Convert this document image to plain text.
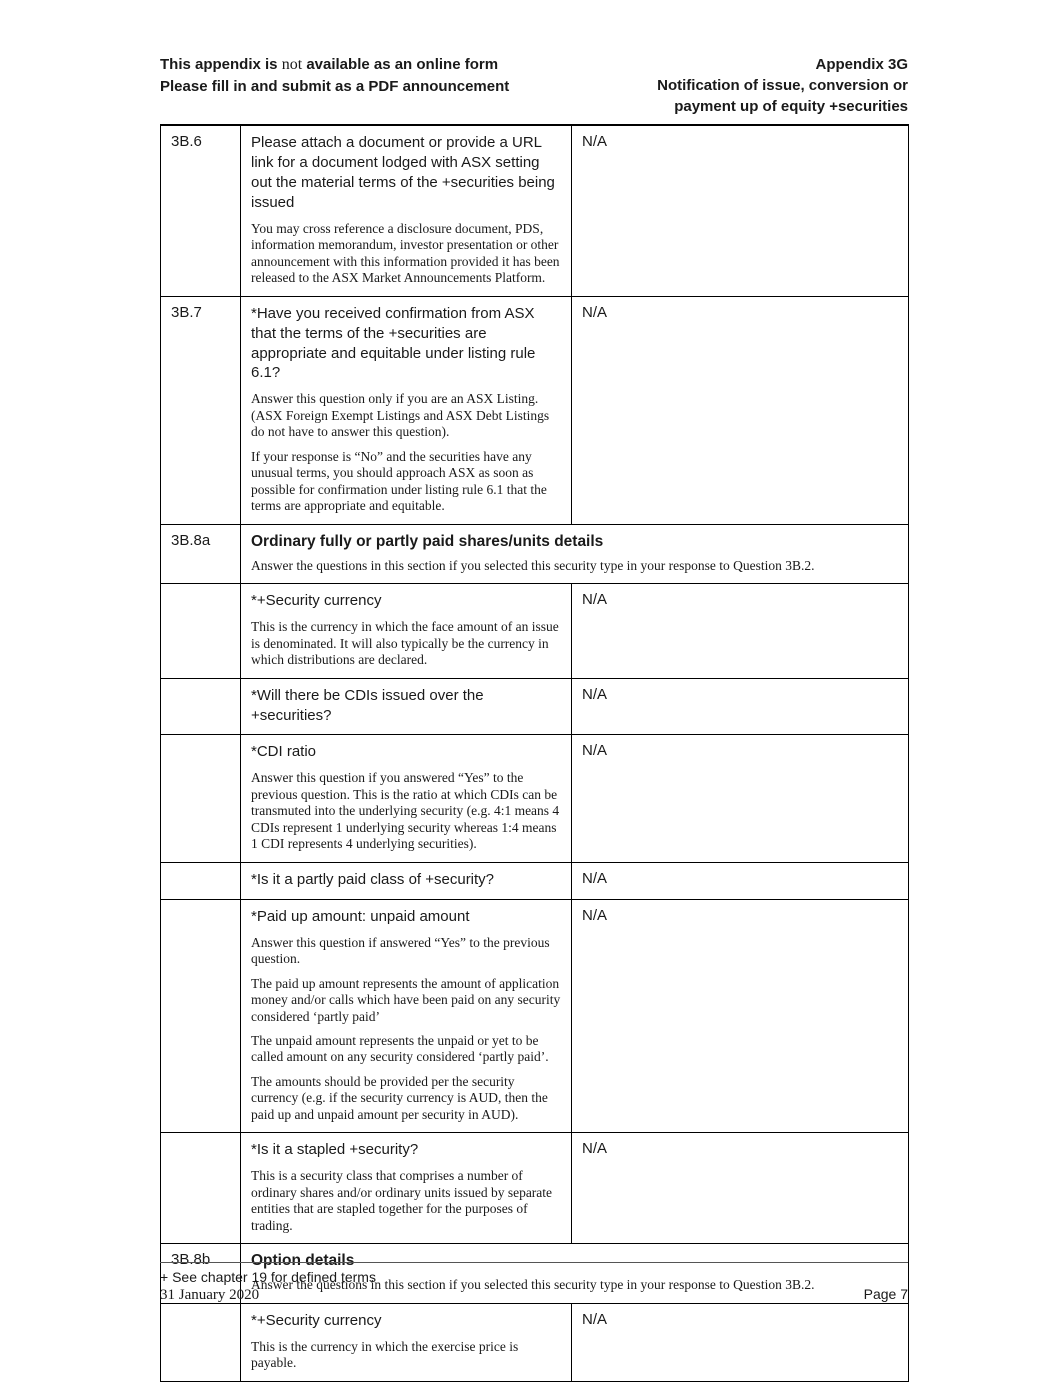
This appendix is not available as an online form
Please fill in and submit as a PDF announcement
Appendix 3G
Notification of issue, conversion or
payment up of equity +securities
3B.6	Please attach a document or provide a URL link for a document lodged with ASX setting out the material terms of the +securities being issued

You may cross reference a disclosure document, PDS, information memorandum, investor presentation or other announcement with this information provided it has been released to the ASX Market Announcements Platform.	N/A
3B.7	*Have you received confirmation from ASX that the terms of the +securities are appropriate and equitable under listing rule 6.1?

Answer this question only if you are an ASX Listing. (ASX Foreign Exempt Listings and ASX Debt Listings do not have to answer this question).

If your response is “No” and the securities have any unusual terms, you should approach ASX as soon as possible for confirmation under listing rule 6.1 that the terms are appropriate and equitable.	N/A
3B.8a	Ordinary fully or partly paid shares/units details

Answer the questions in this section if you selected this security type in your response to Question 3B.2.	

	*+Security currency

This is the currency in which the face amount of an issue is denominated. It will also typically be the currency in which distributions are declared.	N/A

	*Will there be CDIs issued over the +securities?	N/A

	*CDI ratio

Answer this question if you answered “Yes” to the previous question. This is the ratio at which CDIs can be transmuted into the underlying security (e.g. 4:1 means 4 CDIs represent 1 underlying security whereas 1:4 means 1 CDI represents 4 underlying securities).	N/A

	*Is it a partly paid class of +security?	N/A

	*Paid up amount: unpaid amount

Answer this question if answered “Yes” to the previous question.

The paid up amount represents the amount of application money and/or calls which have been paid on any security considered ‘partly paid’

The unpaid amount represents the unpaid or yet to be called amount on any security considered ‘partly paid’.

The amounts should be provided per the security currency (e.g. if the security currency is AUD, then the paid up and unpaid amount per security in AUD).	N/A

	*Is it a stapled +security?

This is a security class that comprises a number of ordinary shares and/or ordinary units issued by separate entities that are stapled together for the purposes of trading.	N/A
3B.8b	Option details

Answer the questions in this section if you selected this security type in your response to Question 3B.2.	

	*+Security currency

This is the currency in which the exercise price is payable.	N/A
+ See chapter 19 for defined terms
31 January 2020	Page 7
